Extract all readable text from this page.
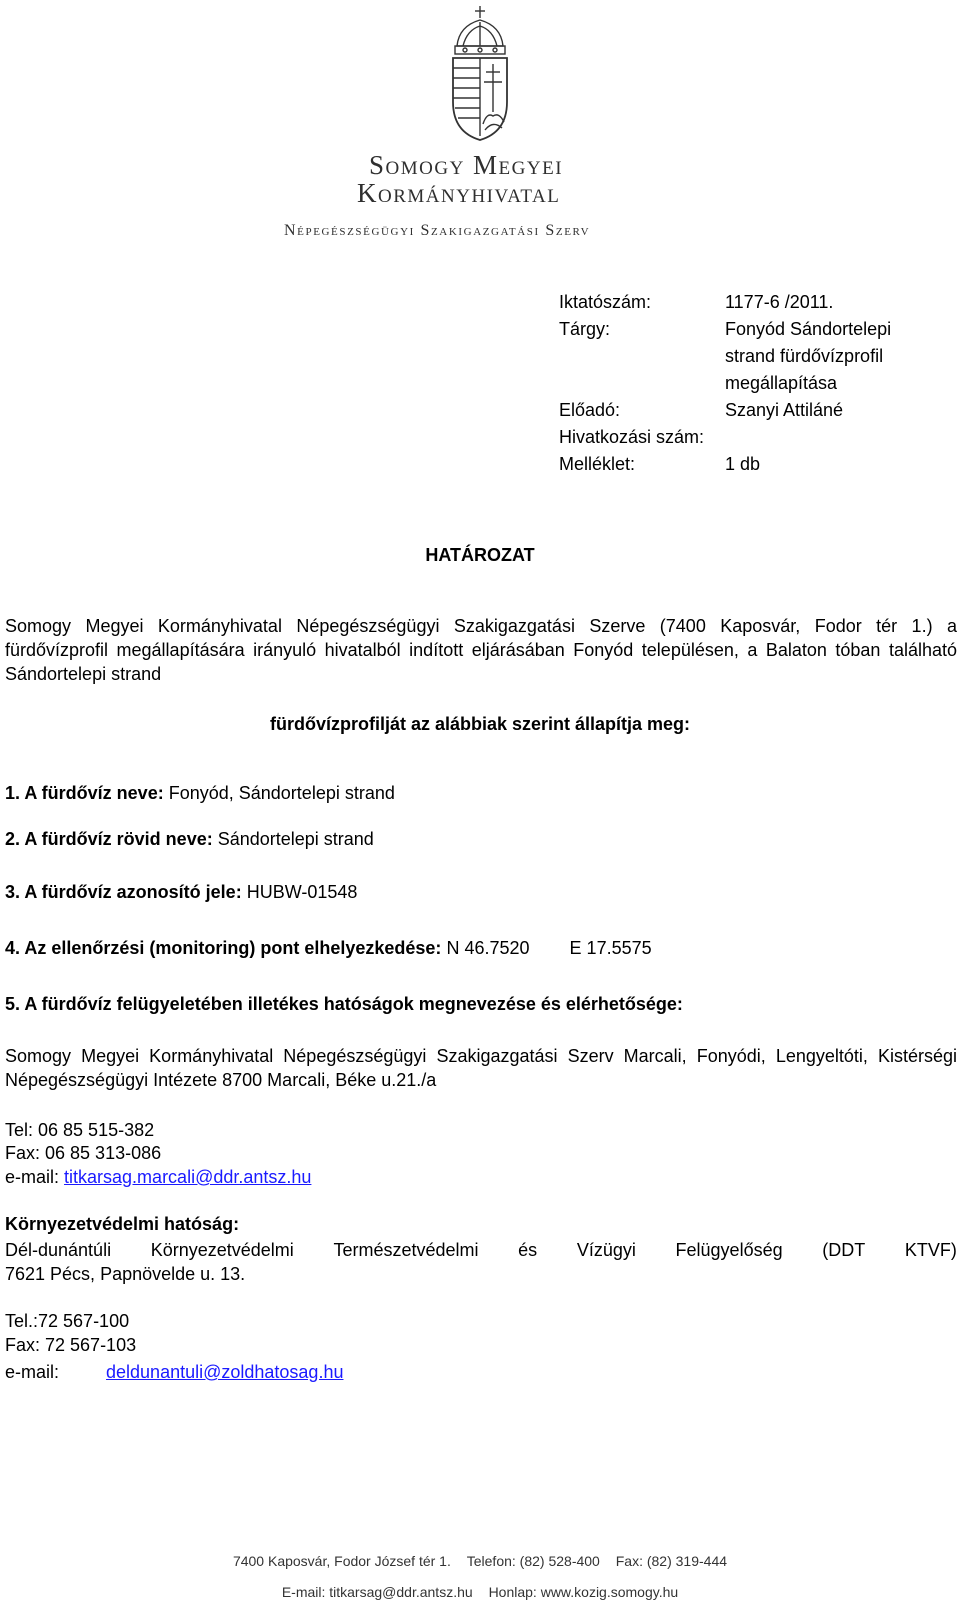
Somogy Megyei
Kormányhivatal
Népegészségügyi Szakigazgatási Szerv
Iktatószám:	1177-6 /2011.
Tárgy:	Fonyód Sándortelepi strand fürdővízprofil megállapítása
Előadó:	Szanyi Attiláné
Hivatkozási szám:
Melléklet:	1 db
HATÁROZAT
Somogy Megyei Kormányhivatal Népegészségügyi Szakigazgatási Szerve (7400 Kaposvár, Fodor tér 1.) a fürdővízprofil megállapítására irányuló hivatalból indított eljárásában Fonyód településen, a Balaton tóban található Sándortelepi strand
fürdővízprofilját az alábbiak szerint állapítja meg:
1. A fürdővíz neve: Fonyód, Sándortelepi strand
2. A fürdővíz rövid neve: Sándortelepi strand
3. A fürdővíz azonosító jele: HUBW-01548
4. Az ellenőrzési (monitoring) pont elhelyezkedése: N 46.7520 E 17.5575
5. A fürdővíz felügyeletében illetékes hatóságok megnevezése és elérhetősége:
Somogy Megyei Kormányhivatal Népegészségügyi Szakigazgatási Szerv Marcali, Fonyódi, Lengyeltóti, Kistérségi Népegészségügyi Intézete 8700 Marcali, Béke u.21./a
Tel: 06 85 515-382
Fax: 06 85 313-086
e-mail: titkarsag.marcali@ddr.antsz.hu
Környezetvédelmi hatóság:
Dél-dunántúli Környezetvédelmi Természetvédelmi és Vízügyi Felügyelőség (DDT KTVF)
7621 Pécs, Papnövelde u. 13.
Tel.:72 567-100
Fax: 72 567-103
e-mail:	deldunantuli@zoldhatosag.hu
7400 Kaposvár, Fodor József tér 1. Telefon: (82) 528-400 Fax: (82) 319-444
E-mail: titkarsag@ddr.antsz.hu Honlap: www.kozig.somogy.hu
